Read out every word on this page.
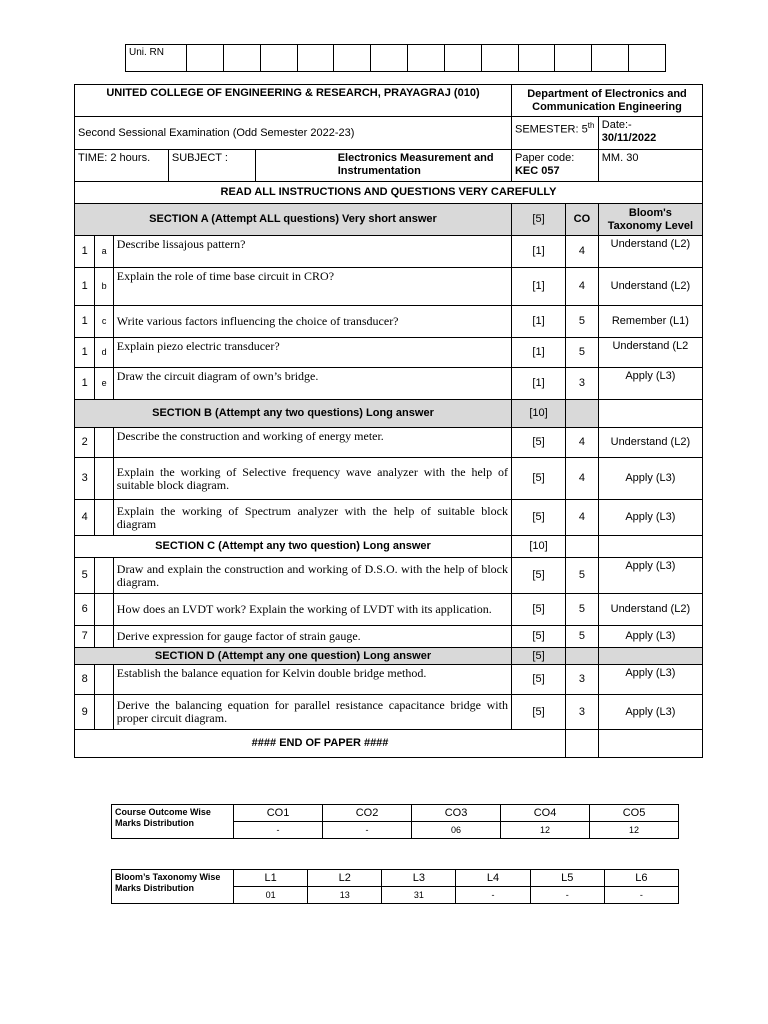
Uni. RN													
UNITED COLLEGE OF ENGINEERING & RESEARCH, PRAYAGRAJ (010)					Department of Electronics and Communication Engineering		
Second Sessional Examination (Odd Semester 2022-23)					SEMESTER: 5th		Date:-
30/11/2022

TIME: 2 hours.			SUBJECT :	Electronics Measurement and Instrumentation	Paper code: KEC 057		MM. 30
READ ALL INSTRUCTIONS AND QUESTIONS VERY CAREFULLY							
SECTION A (Attempt ALL questions) Very short answer					[5]	CO	Bloom's Taxonomy Level
1	a	Describe lissajous pattern?			[1]	4	Understand (L2)
1	b	Explain the role of time base circuit in CRO?			[1]	4	Understand (L2)
1	c	Write various factors influencing the choice of transducer?			[1]	5	Remember (L1)
1	d	Explain piezo electric transducer?			[1]	5	Understand (L2
1	e	Draw the circuit diagram of own’s bridge.			[1]	3	Apply (L3)
SECTION B (Attempt any two questions) Long answer					[10]		
2		Describe the construction and working of energy meter.			[5]	4	Understand (L2)
3		Explain the working of Selective frequency wave analyzer with the help of suitable block diagram.			[5]	4	Apply (L3)
4		Explain the working of Spectrum analyzer with the help of suitable block diagram			[5]	4	Apply (L3)
SECTION C (Attempt any two question) Long answer					[10]		
5		Draw and explain the construction and working of D.S.O. with the help of block diagram.			[5]	5	Apply (L3)
6		How does an LVDT work? Explain the working of LVDT with its application.			[5]	5	Understand (L2)
7		Derive expression for gauge factor of strain gauge.			[5]	5	Apply (L3)
SECTION D (Attempt any one question) Long answer					[5]		
8		Establish the balance equation for Kelvin double bridge method.			[5]	3	Apply (L3)
9		Derive the balancing equation for parallel resistance capacitance bridge with proper circuit diagram.			[5]	3	Apply (L3)
#### END OF PAPER ####							
Course Outcome Wise Marks Distribution	CO1	CO2	CO3	CO4	CO5
	-	-	06	12	12
Bloom’s Taxonomy Wise Marks Distribution	L1	L2	L3	L4	L5	L6
	01	13	31	-	-	-
